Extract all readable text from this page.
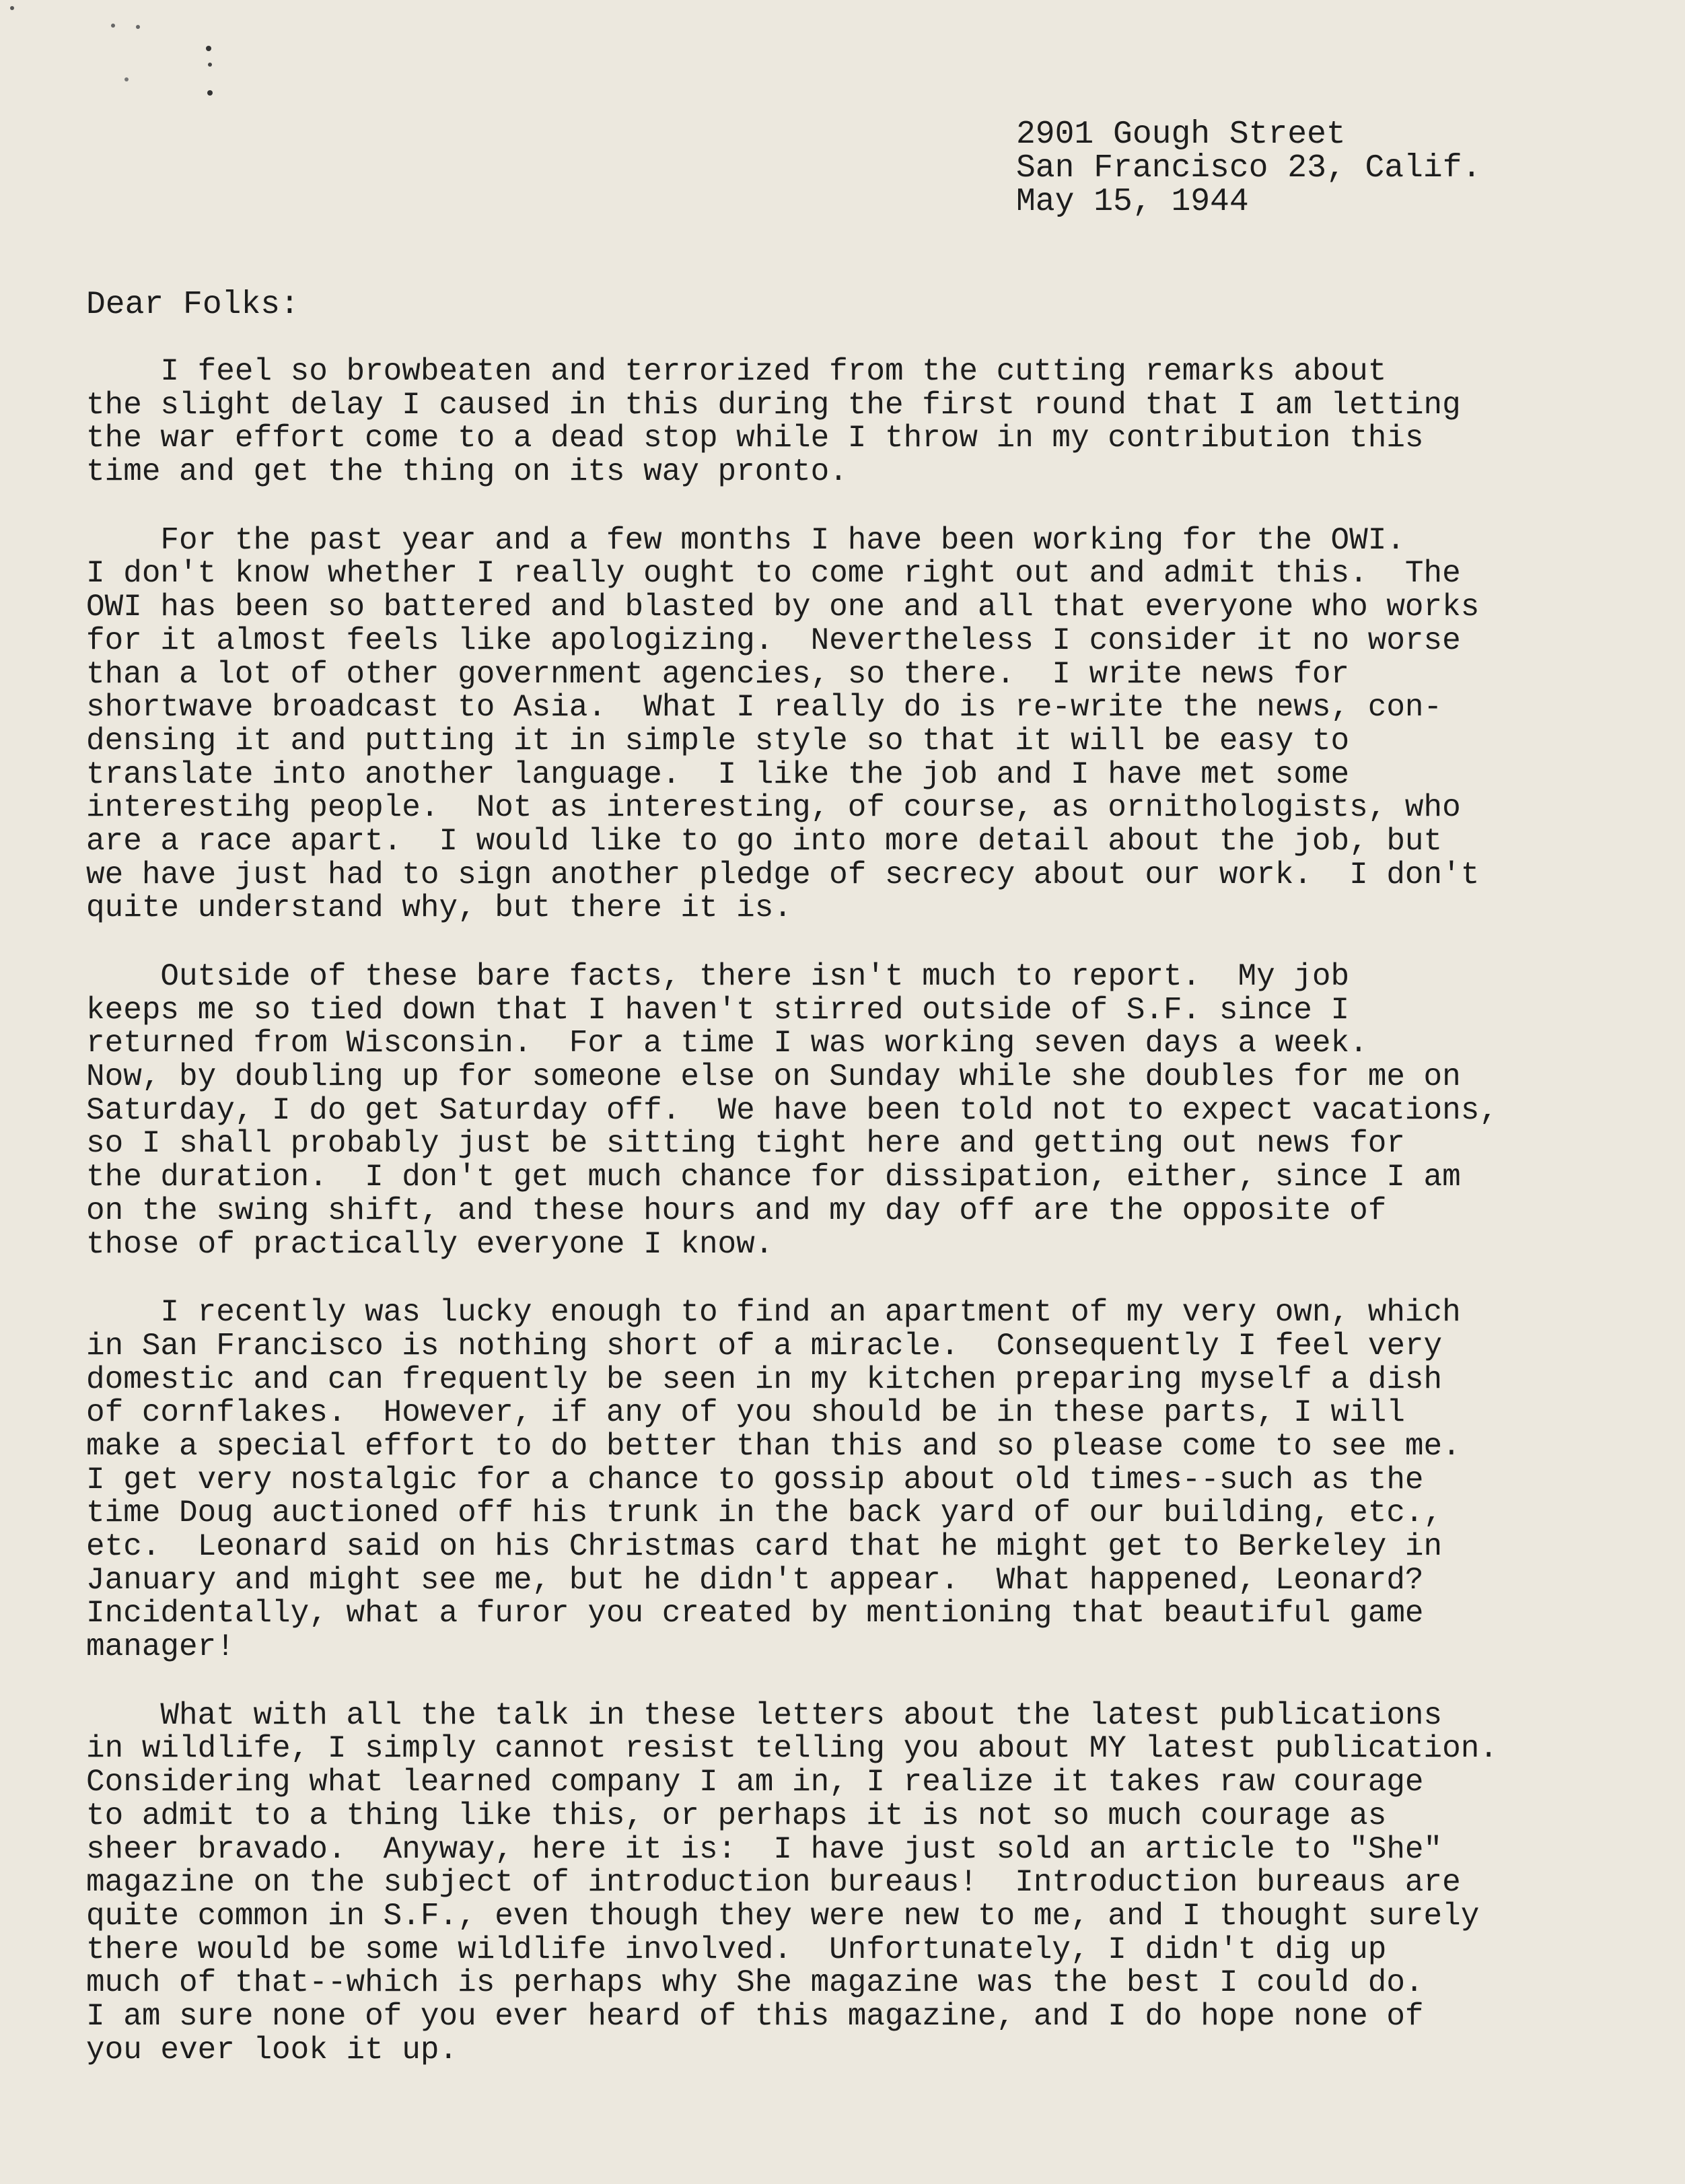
2901 Gough Street
San Francisco 23, Calif.
May 15, 1944
Dear Folks:
I feel so browbeaten and terrorized from the cutting remarks about
the slight delay I caused in this during the first round that I am letting
the war effort come to a dead stop while I throw in my contribution this
time and get the thing on its way pronto.
For the past year and a few months I have been working for the OWI.
I don't know whether I really ought to come right out and admit this.  The
OWI has been so battered and blasted by one and all that everyone who works
for it almost feels like apologizing.  Nevertheless I consider it no worse
than a lot of other government agencies, so there.  I write news for
shortwave broadcast to Asia.  What I really do is re-write the news, con-
densing it and putting it in simple style so that it will be easy to
translate into another language.  I like the job and I have met some
interestihg people.  Not as interesting, of course, as ornithologists, who
are a race apart.  I would like to go into more detail about the job, but
we have just had to sign another pledge of secrecy about our work.  I don't
quite understand why, but there it is.
Outside of these bare facts, there isn't much to report.  My job
keeps me so tied down that I haven't stirred outside of S.F. since I
returned from Wisconsin.  For a time I was working seven days a week.
Now, by doubling up for someone else on Sunday while she doubles for me on
Saturday, I do get Saturday off.  We have been told not to expect vacations,
so I shall probably just be sitting tight here and getting out news for
the duration.  I don't get much chance for dissipation, either, since I am
on the swing shift, and these hours and my day off are the opposite of
those of practically everyone I know.
I recently was lucky enough to find an apartment of my very own, which
in San Francisco is nothing short of a miracle.  Consequently I feel very
domestic and can frequently be seen in my kitchen preparing myself a dish
of cornflakes.  However, if any of you should be in these parts, I will
make a special effort to do better than this and so please come to see me.
I get very nostalgic for a chance to gossip about old times--such as the
time Doug auctioned off his trunk in the back yard of our building, etc.,
etc.  Leonard said on his Christmas card that he might get to Berkeley in
January and might see me, but he didn't appear.  What happened, Leonard?
Incidentally, what a furor you created by mentioning that beautiful game
manager!
What with all the talk in these letters about the latest publications
in wildlife, I simply cannot resist telling you about MY latest publication.
Considering what learned company I am in, I realize it takes raw courage
to admit to a thing like this, or perhaps it is not so much courage as
sheer bravado.  Anyway, here it is:  I have just sold an article to "She"
magazine on the subject of introduction bureaus!  Introduction bureaus are
quite common in S.F., even though they were new to me, and I thought surely
there would be some wildlife involved.  Unfortunately, I didn't dig up
much of that--which is perhaps why She magazine was the best I could do.
I am sure none of you ever heard of this magazine, and I do hope none of
you ever look it up.
